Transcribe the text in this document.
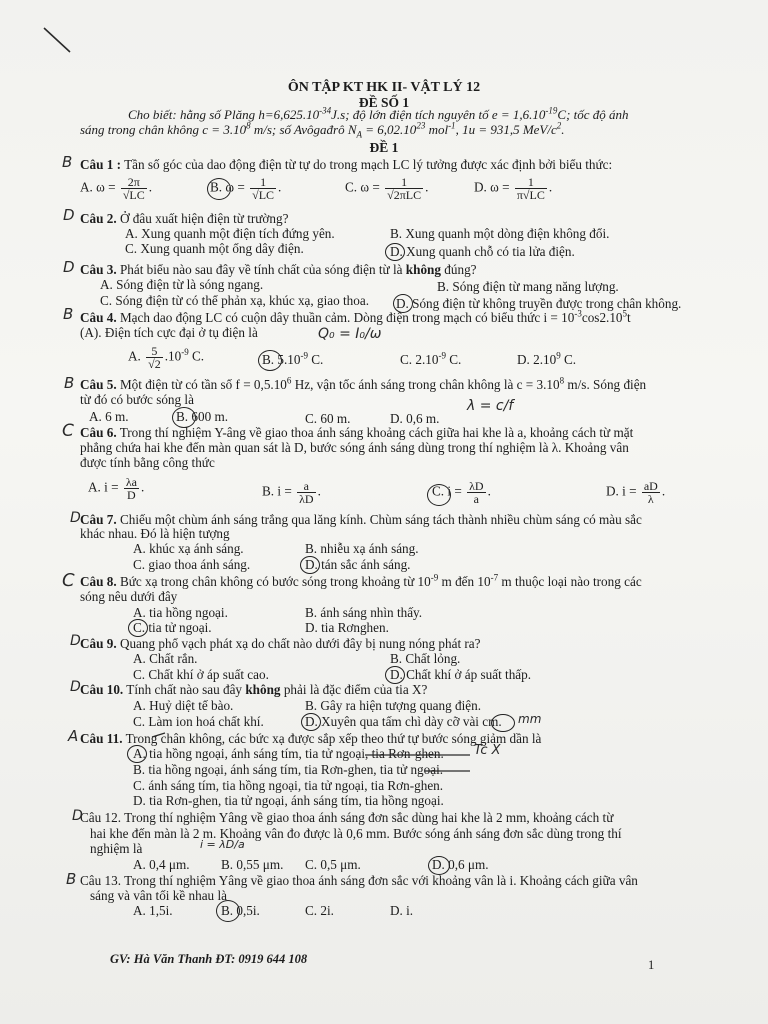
ÔN TẬP KT HK II- VẬT LÝ 12
ĐỀ SỐ 1
Cho biết: hằng số Plăng $h=6,625.10^{-34}J.s$; độ lớn điện tích nguyên tố $e = 1,6.10^{-19}C$; tốc độ ánh
sáng trong chân không $c = 3.10^8$ m/s; số Avôgađrô $N_A = 6,02.10^{23}$ mol$^{-1}$, 1u = 931,5 MeV/$c^2$.
ĐỀ 1
Câu 1 : Tần số góc của dao động điện từ tự do trong mạch LC lý tưởng được xác định bởi biểu thức:
A. $\omega = \frac{2\pi}{√LC}$ .	B. $\omega = \frac{1}{√LC}$ .	C. $\omega = \frac{1}{\text{√2πLC}}$ .	D. $\omega = \frac{1}{\pi√LC}$ .
Câu 2. Ở đâu xuất hiện điện từ trường?
A. Xung quanh một điện tích đứng yên.	B. Xung quanh một dòng điện không đổi.
C. Xung quanh một ống dây điện.	D. Xung quanh chỗ có tia lửa điện.
Câu 3. Phát biểu nào sau đây về tính chất của sóng điện từ là không đúng?
A. Sóng điện từ là sóng ngang.	B. Sóng điện từ mang năng lượng.
C. Sóng điện từ có thể phản xạ, khúc xạ, giao thoa. D. Sóng điện từ không truyền được trong chân không.
Câu 4. Mạch dao động LC có cuộn dây thuần cảm. Dòng điện trong mạch có biểu thức $i = 10^{-3}\cos 2.10^5t$
(A). Điện tích cực đại ở tụ điện là
A. $\frac{5}{√2} .10^{-9}$ C.	B. $5.10^{-9}$ C.	C. $2.10^{-9}$ C.	D. 2.10$^9$ C.
Câu 5. Một điện từ có tần số $f = 0,5.10^6$ Hz, vận tốc ánh sáng trong chân không là $c = 3.10^8$ m/s. Sóng điện
từ đó có bước sóng là
A. 6 m.	B. 600 m.	C. 60 m.	D. 0,6 m.
Câu 6. Trong thí nghiệm Y-âng về giao thoa ánh sáng khoảng cách giữa hai khe là a, khoảng cách từ mặt
phẳng chứa hai khe đến màn quan sát là D, bước sóng ánh sáng dùng trong thí nghiệm là λ. Khoảng vân
được tính bằng công thức
A. $i = \frac{\lambda a}{D}$ .	B. $i = \frac{a}{\lambda D}$ .	C. $i = \frac{\lambda D}{a}$ .	D. $i = \frac{aD}{\lambda}$ .
Câu 7. Chiếu một chùm ánh sáng trắng qua lăng kính. Chùm sáng tách thành nhiều chùm sáng có màu sắc
khác nhau. Đó là hiện tượng
A. khúc xạ ánh sáng.	B. nhiễu xạ ánh sáng.
C. giao thoa ánh sáng.	D. tán sắc ánh sáng.
Câu 8. Bức xạ trong chân không có bước sóng trong khoảng từ $10^{-9}$ m đến $10^{-7}$ m thuộc loại nào trong các
sóng nêu dưới đây
A. tia hồng ngoại.	B. ánh sáng nhìn thấy.
C. tia tử ngoại.	D. tia Rơnghen.
Câu 9. Quang phổ vạch phát xạ do chất nào dưới đây bị nung nóng phát ra?
A. Chất rắn.	B. Chất lỏng.
C. Chất khí ở áp suất cao.	D. Chất khí ở áp suất thấp.
Câu 10. Tính chất nào sau đây không phải là đặc điểm của tia X?
A. Huỷ diệt tế bào.	B. Gây ra hiện tượng quang điện.
C. Làm ion hoá chất khí.	D. Xuyên qua tấm chì dày cỡ vài cm.
Câu 11. Trong chân không, các bức xạ được sắp xếp theo thứ tự bước sóng giảm dần là
A. tia hồng ngoại, ánh sáng tím, tia tử ngoại, tia Rơn-ghen.
B. tia hồng ngoại, ánh sáng tím, tia Rơn-ghen, tia tử ngoại.
C. ánh sáng tím, tia hồng ngoại, tia tử ngoại, tia Rơn-ghen.
D. tia Rơn-ghen, tia tử ngoại, ánh sáng tím, tia hồng ngoại.
Câu 12. Trong thí nghiệm Yâng về giao thoa ánh sáng đơn sắc dùng hai khe là 2 mm, khoảng cách từ
hai khe đến màn là 2 m. Khoảng vân đo được là 0,6 mm. Bước sóng ánh sáng đơn sắc dùng trong thí
nghiệm là
A. 0,4 μm. B. 0,55 μm. C. 0,5 μm.	D. 0,6 μm.
Câu 13. Trong thí nghiệm Yâng về giao thoa ánh sáng đơn sắc với khoảng vân là i. Khoảng cách giữa vân
sáng và vân tối kề nhau là
A. 1,5i.	B. 0,5i.	C. 2i.	D. i.
GV: Hà Văn Thanh ĐT: 0919 644 108	1
B
D
D
B
B
C
D
C
D
D
A
D
B
Q₀ = I₀/ω
λ = c/f
Tc X
mm
i = λD/a
